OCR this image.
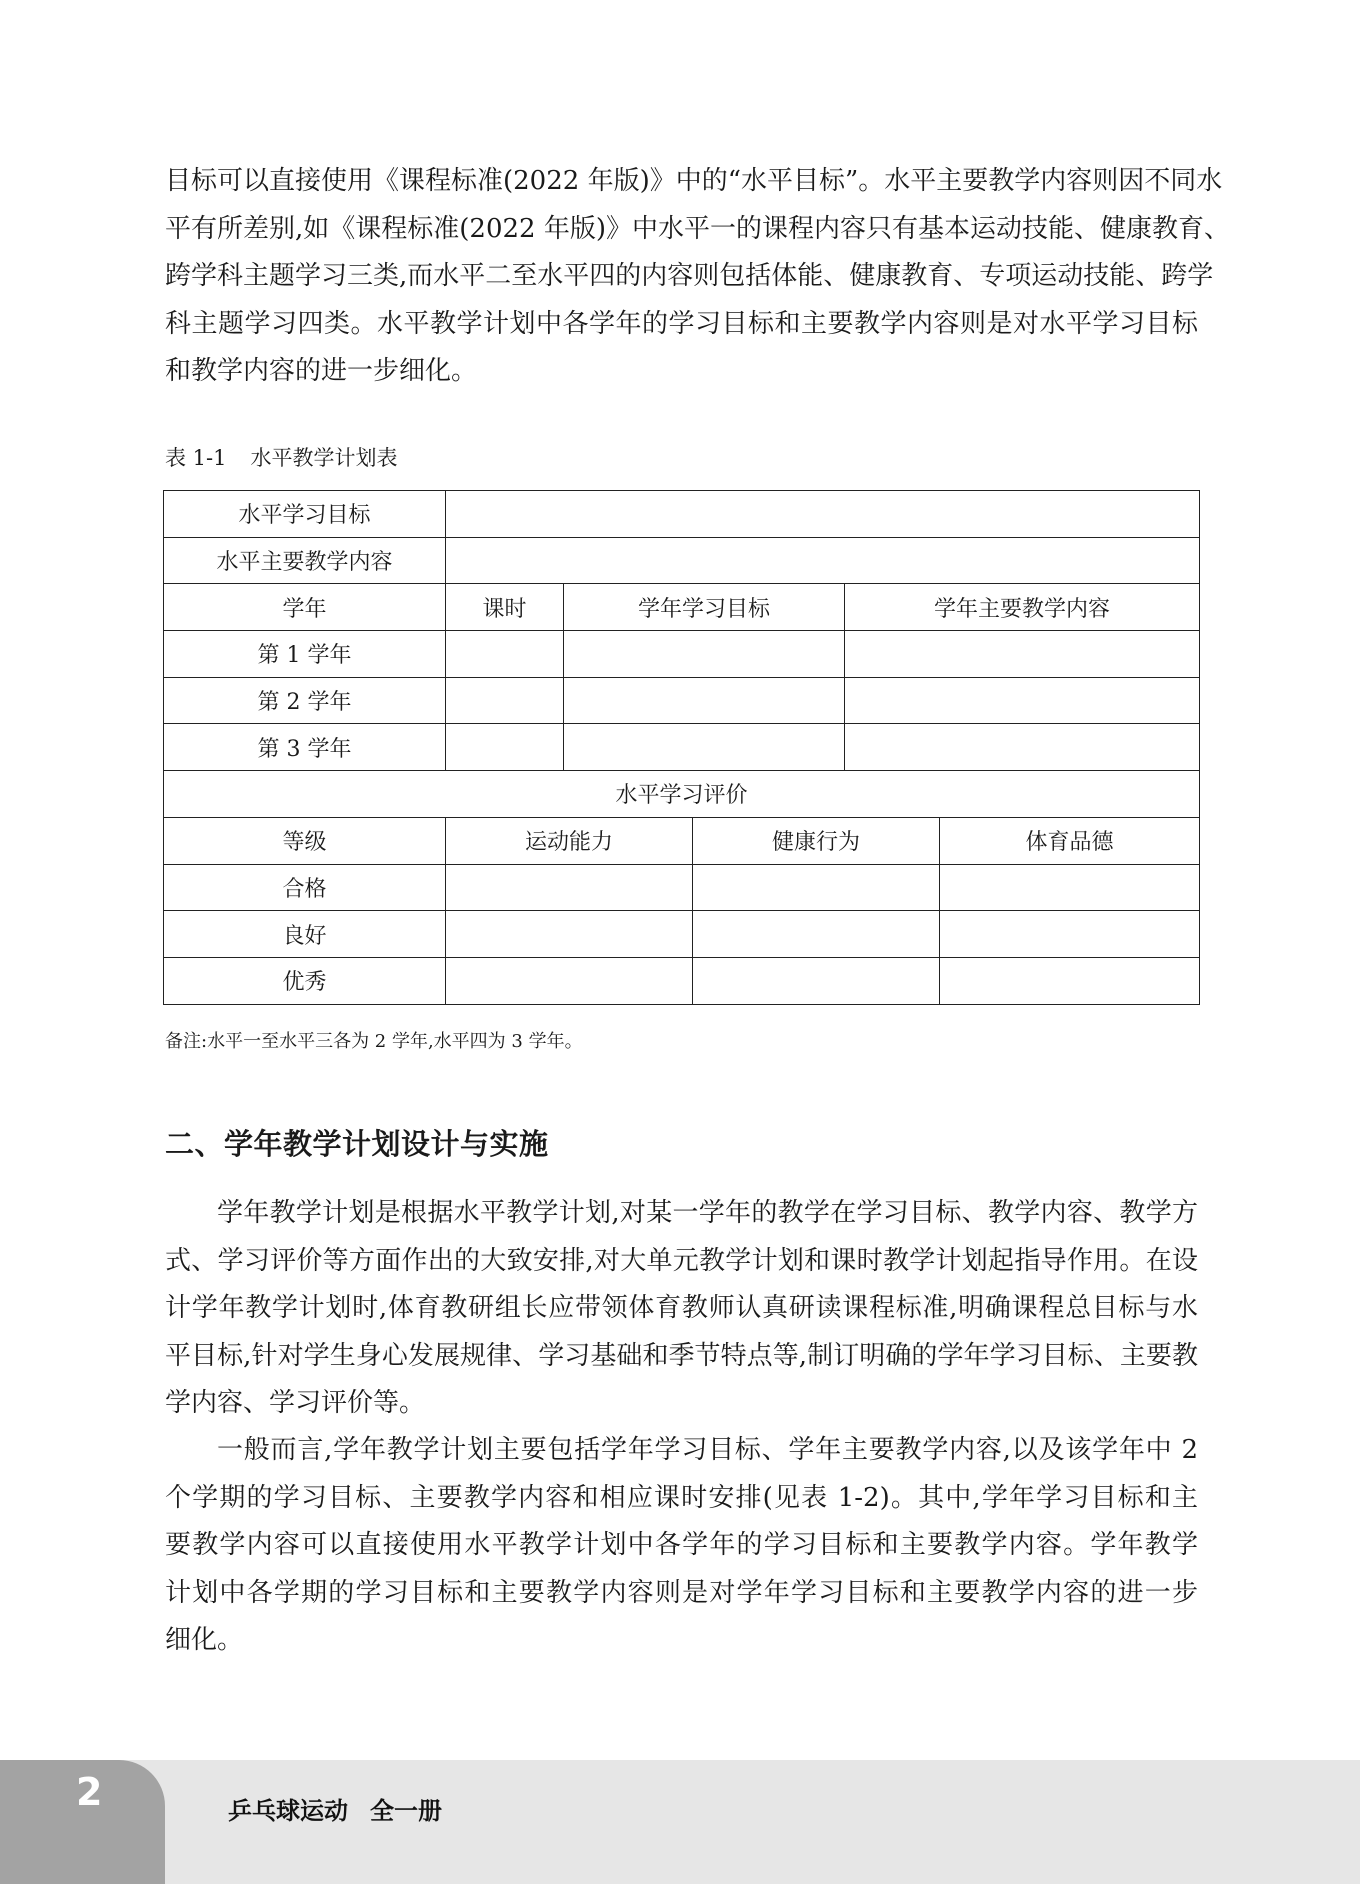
目标可以直接使用《课程标准(2022 年版)》中的“水平目标”。水平主要教学内容则因不同水
平有所差别,如《课程标准(2022 年版)》中水平一的课程内容只有基本运动技能、健康教育、
跨学科主题学习三类,而水平二至水平四的内容则包括体能、健康教育、专项运动技能、跨学
科主题学习四类。水平教学计划中各学年的学习目标和主要教学内容则是对水平学习目标
和教学内容的进一步细化。

表 1-1 水平教学计划表

水平学习目标					
水平主要教学内容					
学年	课时	学年学习目标		学年主要教学内容	
第 1 学年					
第 2 学年					
第 3 学年					
水平学习评价					
等级	运动能力		健康行为		体育品德
合格					
良好					
优秀					

备注:水平一至水平三各为 2 学年,水平四为 3 学年。

二、学年教学计划设计与实施
学年教学计划是根据水平教学计划,对某一学年的教学在学习目标、教学内容、教学方
式、学习评价等方面作出的大致安排,对大单元教学计划和课时教学计划起指导作用。在设
计学年教学计划时,体育教研组长应带领体育教师认真研读课程标准,明确课程总目标与水
平目标,针对学生身心发展规律、学习基础和季节特点等,制订明确的学年学习目标、主要教
学内容、学习评价等。
一般而言,学年教学计划主要包括学年学习目标、学年主要教学内容,以及该学年中 2
个学期的学习目标、主要教学内容和相应课时安排(见表 1-2)。其中,学年学习目标和主
要教学内容可以直接使用水平教学计划中各学年的学习目标和主要教学内容。学年教学
计划中各学期的学习目标和主要教学内容则是对学年学习目标和主要教学内容的进一步
细化。
2	乒乓球运动 全一册
